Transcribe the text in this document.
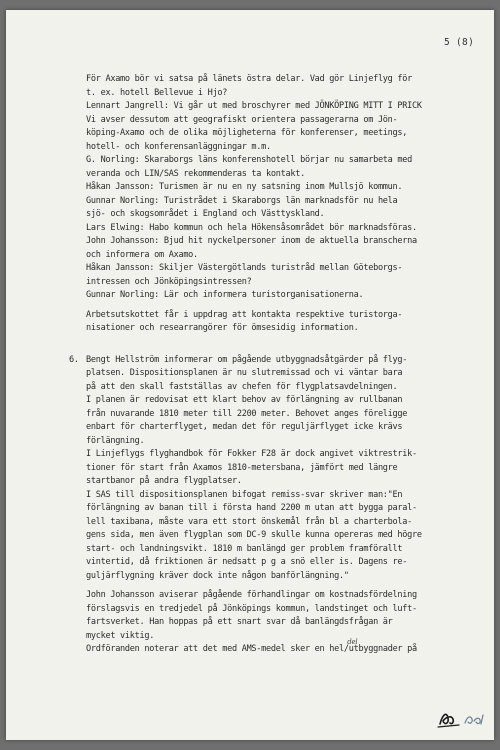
5 (8)
För Axamo bör vi satsa på länets östra delar. Vad gör Linjeflyg för
t. ex. hotell Bellevue i Hjo?
Lennart Jangrell: Vi går ut med broschyrer med JÖNKÖPING MITT I PRICK
Vi avser dessutom att geografiskt orienterа passagerarna om Jön-
köping-Axamo och de olika möjligheterna för konferenser, meetings,
hotell- och konferensanläggningar m.m.
G. Norling: Skaraborgs läns konferenshotell börjar nu samarbeta med
veranda och LIN/SAS rekommenderas ta kontakt.
Håkan Jansson: Turismen är nu en ny satsning inom Mullsjö kommun.
Gunnar Norling: Turistrådet i Skaraborgs län marknadsför nu hela
sjö- och skogsområdet i England och Västtyskland.
Lars Elwing: Habo kommun och hela Hökensåsområdet bör marknadsföras.
John Johansson: Bjud hit nyckelpersoner inom de aktuella branscherna
och informera om Axamo.
Håkan Jansson: Skiljer Västergötlands turistråd mellan Göteborgs-
intressen och Jönköpingsintressen?
Gunnar Norling: Lär och informera turistorganisationerna.
Arbetsutskottet får i uppdrag att kontakta respektive turistorga-
nisationer och researrangörer för ömsesidig information.
6. Bengt Hellström informerar om pågående utbyggnadsåtgärder på flyg-
platsen. Dispositionsplanen är nu slutremissad och vi väntar bara
på att den skall fastställas av chefen för flygplatsavdelningen.
I planen är redovisat ett klart behov av förlängning av rullbanan
från nuvarande 1810 meter till 2200 meter. Behovet anges föreligge
enbart för charterflyget, medan det för reguljärflyget icke krävs
förlängning.
I Linjeflygs flyghandbok för Fokker F28 är dock angivet viktrestrik-
tioner för start från Axamos 1810-metersbana, jämfört med längre
startbanor på andra flygplatser.
I SAS till dispositionsplanen bifogat remiss-svar skriver man:"En
förlängning av banan till i första hand 2200 m utan att bygga paral-
lell taxibana, måste vara ett stort önskemål från bl a charterbolа-
gens sida, men även flygplan som DC-9 skulle kunna opereras med högre
start- och landningsvikt. 1810 m banlängd ger problem framförallt
vintertid, då friktionen är nedsatt p g a snö eller is. Dagens re-
guljärflygning kräver dock inte någon banförlängning."
John Johansson aviserar pågående förhandlingar om kostnadsfördelning
förslagsvis en tredjedel på Jönköpings kommun, landstinget och luft-
fartsverket. Han hoppas på ett snart svar då banlängdsfrågan är
mycket viktig.
Ordföranden noterar att det med AMS-medel sker en
del
hel/utbyggnader på
